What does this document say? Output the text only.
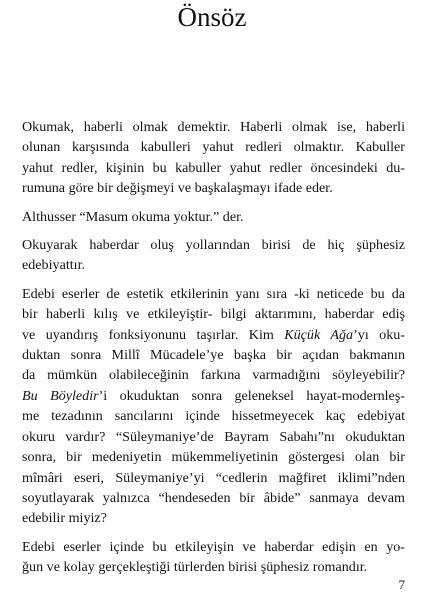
Önsöz

Okumak, haberli olmak demektir. Haberli olmak ise, haberli
olunan karşısında kabulleri yahut redleri olmaktır. Kabuller
yahut redler, kişinin bu kabuller yahut redler öncesindeki du-
rumuna göre bir değişmeyi ve başkalaşmayı ifade eder.

Althusser “Masum okuma yoktur.” der.

Okuyarak haberdar oluş yollarından birisi de hiç şüphesiz
edebiyattır.

Edebi eserler de estetik etkilerinin yanı sıra -ki neticede bu da
bir haberli kılış ve etkileyiştir- bilgi aktarımını, haberdar ediş
ve uyandırış fonksiyonunu taşırlar. Kim Küçük Ağa’yı oku-
duktan sonra Millî Mücadele’ye başka bir açıdan bakmanın
da mümkün olabileceğinin farkına varmadığını söyleyebilir?
Bu Böyledir’i okuduktan sonra geleneksel hayat-modernleş-
me tezadının sancılarını içinde hissetmeyecek kaç edebiyat
okuru vardır? “Süleymaniye’de Bayram Sabahı”nı okuduktan
sonra, bir medeniyetin mükemmeliyetinin göstergesi olan bir
mîmâri eseri, Süleymaniye’yi “cedlerin mağfiret iklimi”nden
soyutlayarak yalnızca “hendeseden bir âbide” sanmaya devam
edebilir miyiz?

Edebi eserler içinde bu etkileyişin ve haberdar edişin en yo-
ğun ve kolay gerçekleştiği türlerden birisi şüphesiz romandır.

7
